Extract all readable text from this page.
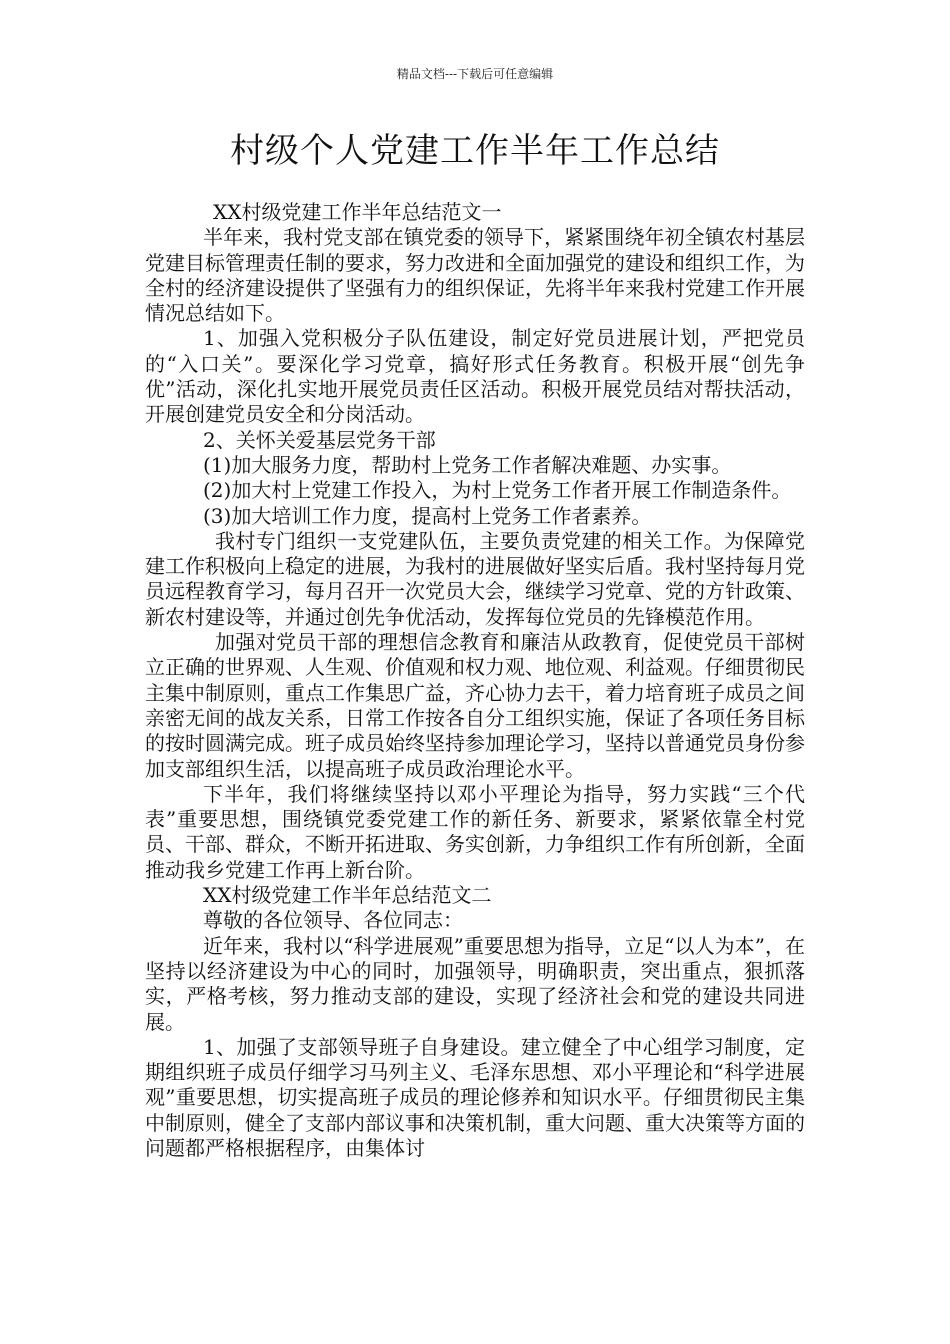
精品文档---下载后可任意编辑
村级个人党建工作半年工作总结

XX村级党建工作半年总结范文一

半年来，我村党支部在镇党委的领导下，紧紧围绕年初全镇农村基层党建目标管理责任制的要求，努力改进和全面加强党的建设和组织工作，为全村的经济建设提供了坚强有力的组织保证，先将半年来我村党建工作开展情况总结如下。

1、加强入党积极分子队伍建设，制定好党员进展计划，严把党员的“入口关”。要深化学习党章，搞好形式任务教育。积极开展“创先争优”活动，深化扎实地开展党员责任区活动。积极开展党员结对帮扶活动，开展创建党员安全和分岗活动。

2、关怀关爱基层党务干部

(1)加大服务力度，帮助村上党务工作者解决难题、办实事。

(2)加大村上党建工作投入，为村上党务工作者开展工作制造条件。

(3)加大培训工作力度，提高村上党务工作者素养。

我村专门组织一支党建队伍，主要负责党建的相关工作。为保障党建工作积极向上稳定的进展，为我村的进展做好坚实后盾。我村坚持每月党员远程教育学习，每月召开一次党员大会，继续学习党章、党的方针政策、新农村建设等，并通过创先争优活动，发挥每位党员的先锋模范作用。

加强对党员干部的理想信念教育和廉洁从政教育，促使党员干部树立正确的世界观、人生观、价值观和权力观、地位观、利益观。仔细贯彻民主集中制原则，重点工作集思广益，齐心协力去干，着力培育班子成员之间亲密无间的战友关系，日常工作按各自分工组织实施，保证了各项任务目标的按时圆满完成。班子成员始终坚持参加理论学习，坚持以普通党员身份参加支部组织生活，以提高班子成员政治理论水平。

下半年，我们将继续坚持以邓小平理论为指导，努力实践“三个代表”重要思想，围绕镇党委党建工作的新任务、新要求，紧紧依靠全村党员、干部、群众，不断开拓进取、务实创新，力争组织工作有所创新，全面推动我乡党建工作再上新台阶。

XX村级党建工作半年总结范文二

尊敬的各位领导、各位同志：

近年来，我村以“科学进展观”重要思想为指导，立足“以人为本”，在坚持以经济建设为中心的同时，加强领导，明确职责，突出重点，狠抓落实，严格考核，努力推动支部的建设，实现了经济社会和党的建设共同进展。

1、加强了支部领导班子自身建设。建立健全了中心组学习制度，定期组织班子成员仔细学习马列主义、毛泽东思想、邓小平理论和“科学进展观”重要思想，切实提高班子成员的理论修养和知识水平。仔细贯彻民主集中制原则，健全了支部内部议事和决策机制，重大问题、重大决策等方面的问题都严格根据程序，由集体讨
